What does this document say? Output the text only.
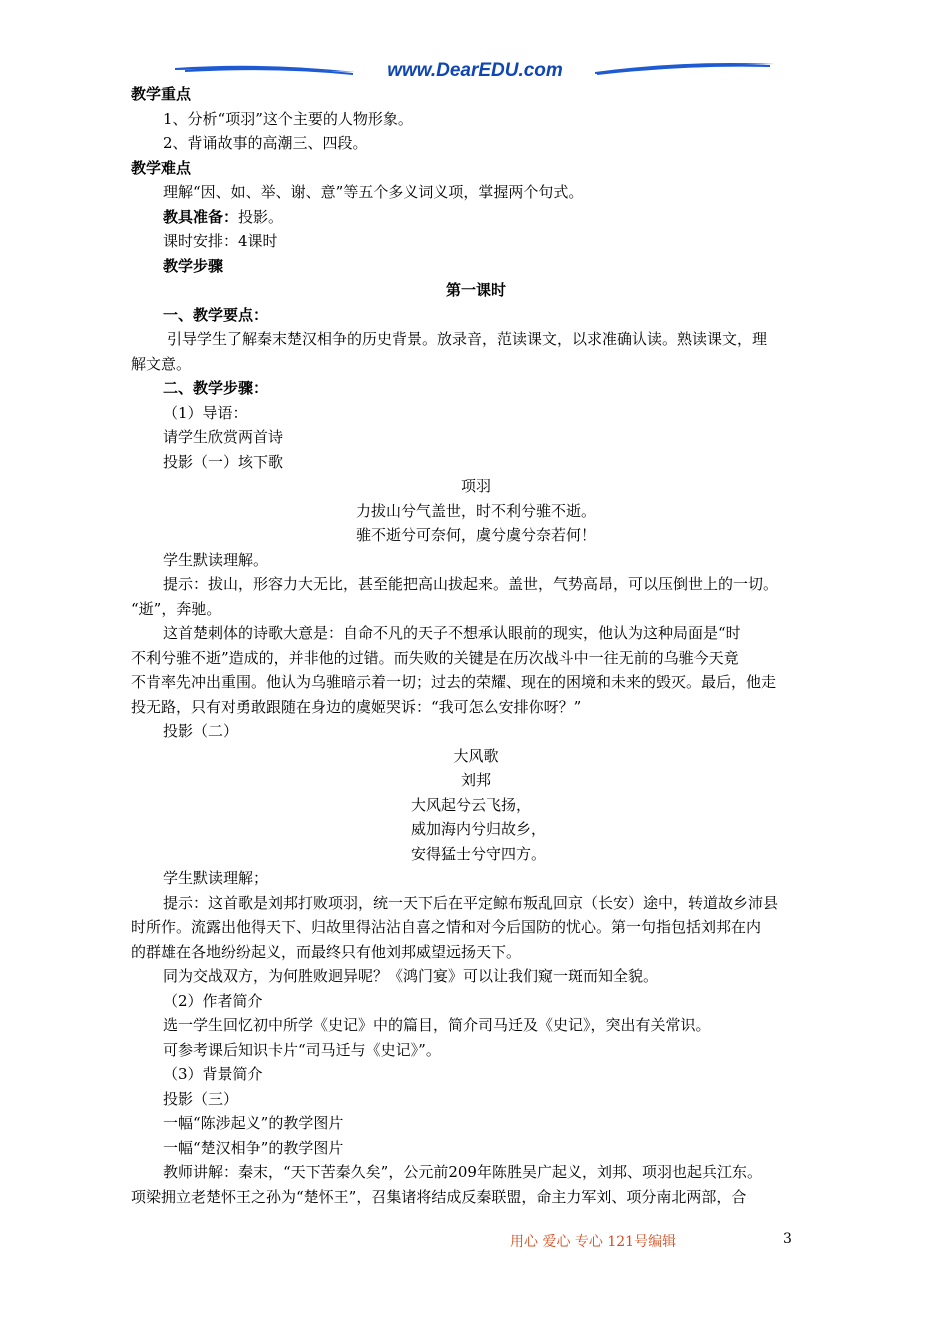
www.DearEDU.com

教学重点

1、分析“项羽”这个主要的人物形象。

2、背诵故事的高潮三、四段。

教学难点

理解“因、如、举、谢、意”等五个多义词义项，掌握两个句式。

教具准备：投影。

课时安排：4课时

教学步骤

第一课时

一、教学要点：

引导学生了解秦末楚汉相争的历史背景。放录音，范读课文，以求准确认读。熟读课文，理

解文意。

二、教学步骤：

（1）导语：

请学生欣赏两首诗

投影（一）垓下歌

项羽

力拔山兮气盖世，时不利兮骓不逝。

骓不逝兮可奈何，虞兮虞兮奈若何！

学生默读理解。

提示：拔山，形容力大无比，甚至能把高山拔起来。盖世，气势高昂，可以压倒世上的一切。

“逝”，奔驰。

这首楚刺体的诗歌大意是：自命不凡的天子不想承认眼前的现实，他认为这种局面是“时

不利兮骓不逝”造成的，并非他的过错。而失败的关键是在历次战斗中一往无前的乌骓今天竟

不肯率先冲出重围。他认为乌骓暗示着一切；过去的荣耀、现在的困境和未来的毁灭。最后，他走

投无路，只有对勇敢跟随在身边的虞姬哭诉：“我可怎么安排你呀？”

投影（二）

大风歌

刘邦

大风起兮云飞扬，

威加海内兮归故乡，

安得猛士兮守四方。

学生默读理解；

提示：这首歌是刘邦打败项羽，统一天下后在平定鲸布叛乱回京（长安）途中，转道故乡沛县

时所作。流露出他得天下、归故里得沾沾自喜之情和对今后国防的忧心。第一句指包括刘邦在内

的群雄在各地纷纷起义，而最终只有他刘邦威望远扬天下。

同为交战双方，为何胜败迥异呢？《鸿门宴》可以让我们窥一斑而知全貌。

（2）作者简介

选一学生回忆初中所学《史记》中的篇目，简介司马迁及《史记》，突出有关常识。

可参考课后知识卡片“司马迁与《史记》”。

（3）背景简介

投影（三）

一幅“陈涉起义”的教学图片

一幅“楚汉相争”的教学图片

教师讲解：秦末，“天下苦秦久矣”，公元前209年陈胜吴广起义，刘邦、项羽也起兵江东。

项梁拥立老楚怀王之孙为“楚怀王”，召集诸将结成反秦联盟，命主力军刘、项分南北两部，合

用心 爱心 专心 121号编辑	3
